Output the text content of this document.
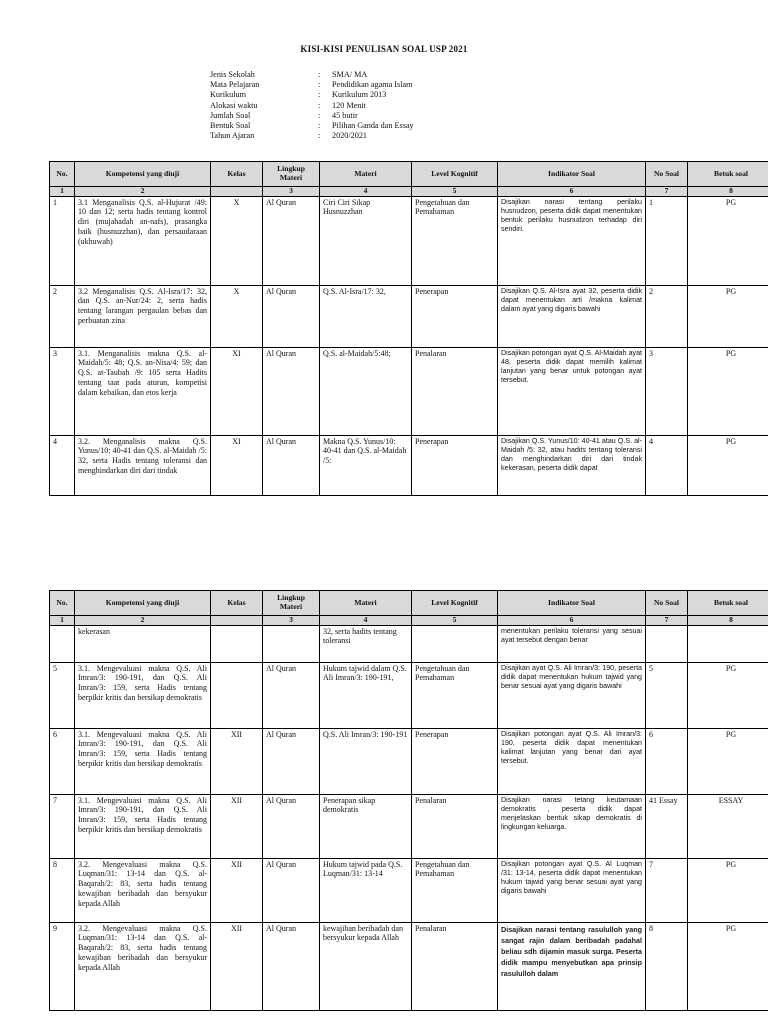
KISI-KISI PENULISAN SOAL USP 2021
Jenis Sekolah	:	SMA/ MA
Mata Pelajaran	:	Pendidikan agama Islam
Kurikulum	:	Kurikulum 2013
Alokasi waktu	:	120 Menit
Jumlah Soal	:	45 butir
Bentuk Soal	:	Pilihan Ganda dan Essay
Tahun Ajaran	:	2020/2021
No.	Kompetensi yang diuji	Kelas	Lingkup Materi	Materi	Level Kognitif	Indikator Soal	No Soal	Betuk soal
1	2		3	4	5	6	7	8
1	3.1 Menganalisis Q.S. al-Hujurat /49: 10 dan 12; serta hadis tentang kontrol diri (mujahadah an-nafs), prasangka baik (husnuzzhan), dan persaudaraan (ukhuwah)	X	Al Quran	Ciri Ciri Sikap Husnuzzhan	Pengetahuan dan Pemahaman	Disajikan narasi tentang perilaku husnudzon, peserta didik dapat menentukan bentuk perilaku husnudzon terhadap diri sendiri.	1	PG
2	3.2 Menganalisis Q.S. Al-Isra/17: 32, dan Q.S. an-Nur/24: 2, serta hadis tentang larangan pergaulan bebas dan perbuatan zina	X	Al Quran	Q.S. Al-Isra/17: 32,	Penerapan	Disajikan Q.S. Al-Isra ayat 32, peserta didik dapat menentukan arti /makna kalimat dalam ayat yang digaris bawahi	2	PG
3	3.1. Menganalisis makna Q.S. al-Maidah/5: 48; Q.S. an-Nisa/4: 59; dan Q.S. at-Taubah /9: 105 serta Hadits tentang taat pada aturan, kompetisi dalam kebaikan, dan etos kerja	XI	Al Quran	Q.S. al-Maidah/5:48;	Penalaran	Disajikan potongan ayat Q.S. Al-Maidah ayat 48, peserta didik dapat memilih kalimat lanjutan yang benar untuk potongan ayat tersebut.	3	PG
4	3.2. Menganalisis makna Q.S. Yunus/10: 40-41 dan Q.S. al-Maidah /5: 32, serta Hadis tentang toleransi dan menghindarkan diri dari tindak	XI	Al Quran	Makna Q.S. Yunus/10: 40-41 dan Q.S. al-Maidah /5:	Penerapan	Disajikan Q.S. Yunus/10: 40-41 atau Q.S. al-Maidah /5: 32, atau hadits tentang toleransi dan menghindarkan diri dari tindak kekerasan, peserta didik dapat	4	PG
No.	Kompetensi yang diuji	Kelas	Lingkup Materi	Materi	Level Kognitif	Indikator Soal	No Soal	Betuk soal
1	2		3	4	5	6	7	8
	kekerasan			32, serta hadits tentang toleransi		menentukan perilaku toleransi yang sesuai ayat tersebut dengan benar		
5	3.1. Mengevaluasi makna Q.S. Ali Imran/3: 190-191, dan Q.S. Ali Imran/3: 159, serta Hadis tentang berpikir kritis dan bersikap demokratis		Al Quran	Hukum tajwid dalam Q.S. Ali Imran/3: 190-191,	Pengetahuan dan Pemahaman	Disajikan ayat Q.S. Ali Imran/3: 190, peserta didik dapat menentukan hukum tajwid yang benar sesuai ayat yang digaris bawahi	5	PG
6	3.1. Mengevaluasi makna Q.S. Ali Imran/3: 190-191, dan Q.S. Ali Imran/3: 159, serta Hadis tentang berpikir kritis dan bersikap demokratis	XII	Al Quran	Q.S. Ali Imran/3: 190-191	Penerapan	Disajikan potongan ayat Q.S. Ali Imran/3: 190, peserta didik dapat menentukan kalimat lanjutan yang benar dari ayat tersebut.	6	PG
7	3.1. Mengevaluasi makna Q.S. Ali Imran/3: 190-191, dan Q.S. Ali Imran/3: 159, serta Hadis tentang berpikir kritis dan bersikap demokratis	XII	Al Quran	Penerapan sikap demokratis	Penalaran	Disajikan narasi tetang keutamaan demokratis , peserta didik dapat menjelaskan bentuk sikap demokratis di lingkungan keluarga.	41 Essay	ESSAY
8	3.2. Mengevaluasi makna Q.S. Luqman/31: 13-14 dan Q.S. al-Baqarah/2: 83, serta hadis tentang kewajiban beribadah dan bersyukur kepada Allah	XII	Al Quran	Hukum tajwid pada Q.S. Luqman/31: 13-14	Pengetahuan dan Pemahaman	Disajikan potongan ayat Q.S. Al Luqman /31: 13-14, peserta didik dapat menentukan hukum tajwid yang benar sesuai ayat yang digaris bawahi	7	PG
9	3.2. Mengevaluasi makna Q.S. Luqman/31: 13-14 dan Q.S. al-Baqarah/2: 83, serta hadis tentang kewajiban beribadah dan bersyukur kepada Allah	XII	Al Quran	kewajiban beribadah dan bersyukur kepada Allah	Penalaran	Disajikan narasi tentang rasululloh yang sangat rajin dalam beribadah padahal beliau sdh dijamin masuk surga. Peserta didik mampu menyebutkan apa prinsip rasululloh dalam	8	PG
